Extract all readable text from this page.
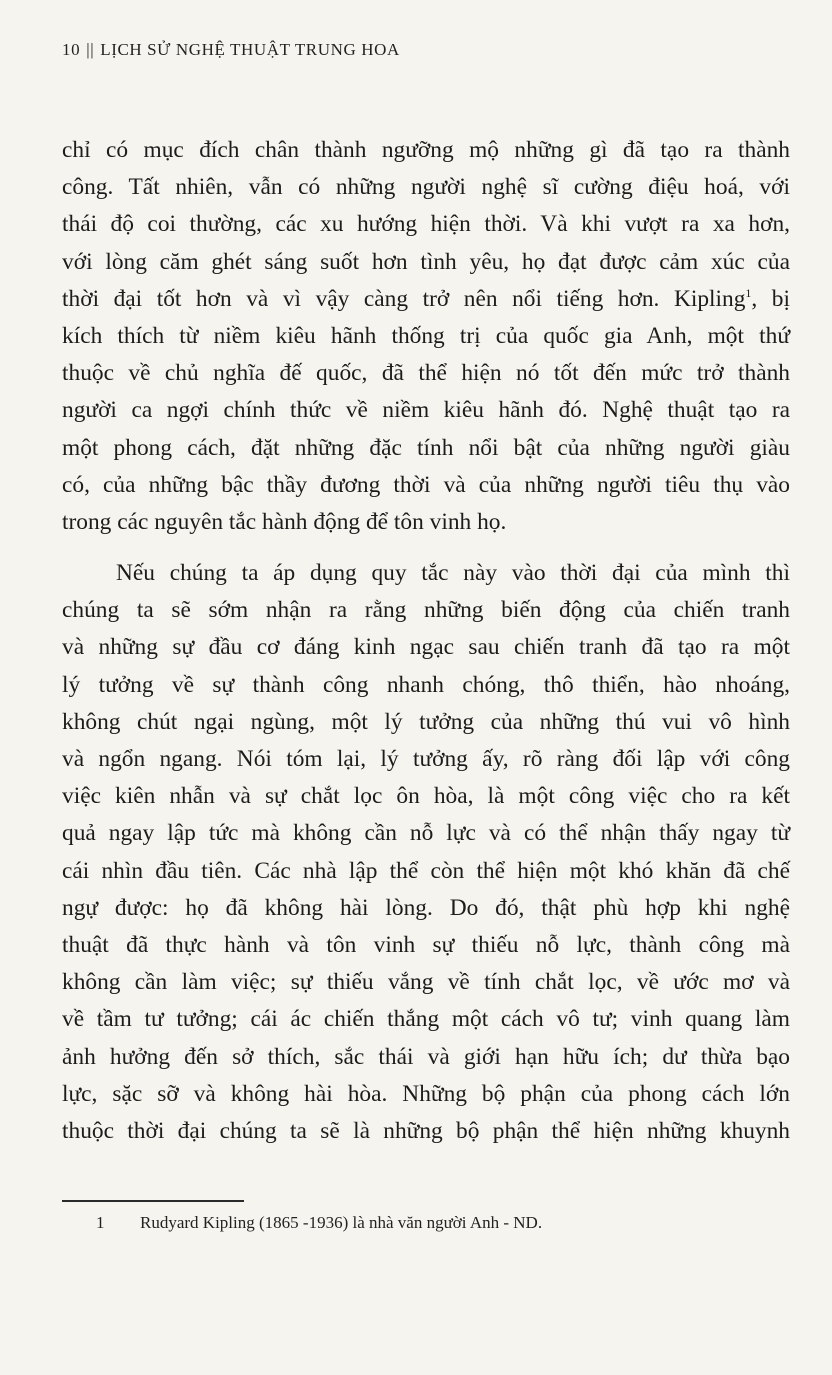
10 || LỊCH SỬ NGHỆ THUẬT TRUNG HOA
chỉ có mục đích chân thành ngưỡng mộ những gì đã tạo ra thành
công. Tất nhiên, vẫn có những người nghệ sĩ cường điệu hoá, với
thái độ coi thường, các xu hướng hiện thời. Và khi vượt ra xa hơn,
với lòng căm ghét sáng suốt hơn tình yêu, họ đạt được cảm xúc của
thời đại tốt hơn và vì vậy càng trở nên nổi tiếng hơn. Kipling$^1$, bị
kích thích từ niềm kiêu hãnh thống trị của quốc gia Anh, một thứ
thuộc về chủ nghĩa đế quốc, đã thể hiện nó tốt đến mức trở thành
người ca ngợi chính thức về niềm kiêu hãnh đó. Nghệ thuật tạo ra
một phong cách, đặt những đặc tính nổi bật của những người giàu
có, của những bậc thầy đương thời và của những người tiêu thụ vào
trong các nguyên tắc hành động để tôn vinh họ.
Nếu chúng ta áp dụng quy tắc này vào thời đại của mình thì
chúng ta sẽ sớm nhận ra rằng những biến động của chiến tranh
và những sự đầu cơ đáng kinh ngạc sau chiến tranh đã tạo ra một
lý tưởng về sự thành công nhanh chóng, thô thiển, hào nhoáng,
không chút ngại ngùng, một lý tưởng của những thú vui vô hình
và ngổn ngang. Nói tóm lại, lý tưởng ấy, rõ ràng đối lập với công
việc kiên nhẫn và sự chắt lọc ôn hòa, là một công việc cho ra kết
quả ngay lập tức mà không cần nỗ lực và có thể nhận thấy ngay từ
cái nhìn đầu tiên. Các nhà lập thể còn thể hiện một khó khăn đã chế
ngự được: họ đã không hài lòng. Do đó, thật phù hợp khi nghệ
thuật đã thực hành và tôn vinh sự thiếu nỗ lực, thành công mà
không cần làm việc; sự thiếu vắng về tính chắt lọc, về ước mơ và
về tầm tư tưởng; cái ác chiến thắng một cách vô tư; vinh quang làm
ảnh hưởng đến sở thích, sắc thái và giới hạn hữu ích; dư thừa bạo
lực, sặc sỡ và không hài hòa. Những bộ phận của phong cách lớn
thuộc thời đại chúng ta sẽ là những bộ phận thể hiện những khuynh
1 Rudyard Kipling (1865 -1936) là nhà văn người Anh - ND.
